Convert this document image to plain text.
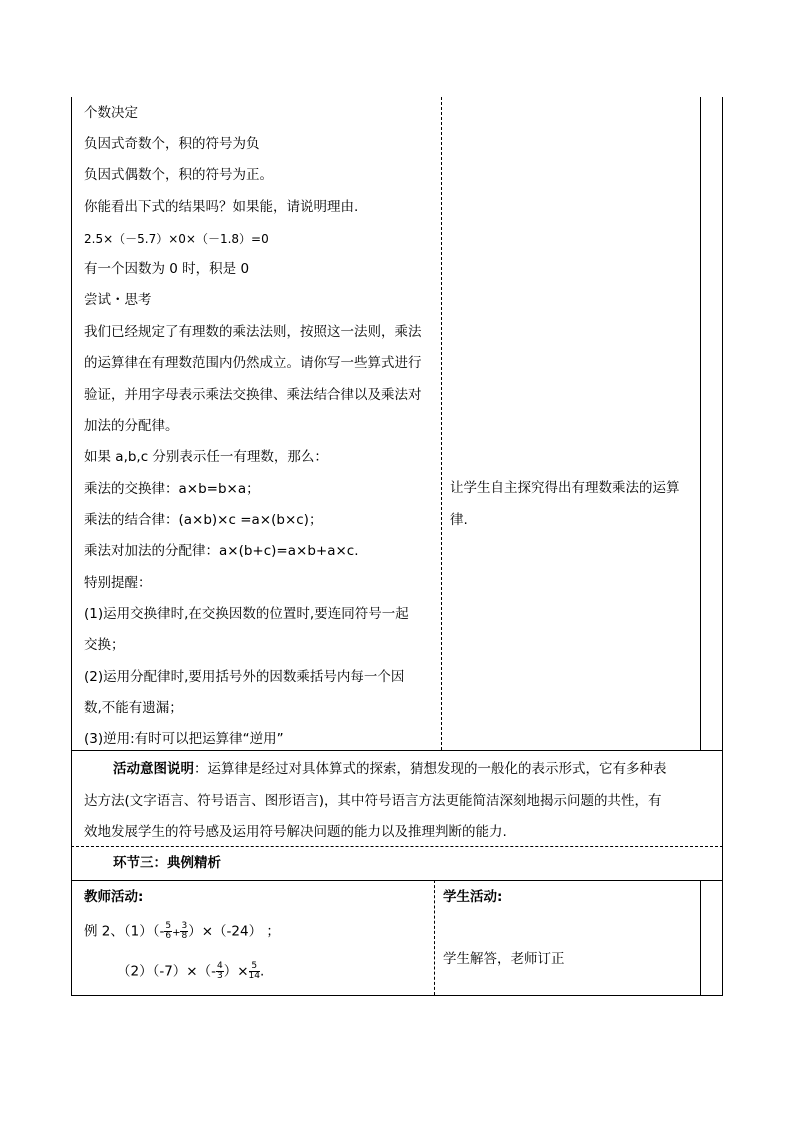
个数决定
负因式奇数个，积的符号为负
负因式偶数个，积的符号为正。
你能看出下式的结果吗？如果能，请说明理由.
2.5×（－5.7）×0×（－1.8）=0
有一个因数为 0 时，积是 0
尝试・思考
我们已经规定了有理数的乘法法则，按照这一法则，乘法
的运算律在有理数范围内仍然成立。请你写一些算式进行
验证，并用字母表示乘法交换律、乘法结合律以及乘法对
加法的分配律。
如果 a,b,c 分别表示任一有理数，那么：
乘法的交换律：a×b=b×a；
乘法的结合律：(a×b)×c =a×(b×c)；
乘法对加法的分配律：a×(b+c)=a×b+a×c.
特别提醒：
(1)运用交换律时,在交换因数的位置时,要连同符号一起
交换；
(2)运用分配律时,要用括号外的因数乘括号内每一个因
数,不能有遗漏；
(3)逆用:有时可以把运算律“逆用”
让学生自主探究得出有理数乘法的运算
律.
活动意图说明：运算律是经过对具体算式的探索，猜想发现的一般化的表示形式，它有多种表
达方法(文字语言、符号语言、图形语言)，其中符号语言方法更能简洁深刻地揭示问题的共性，有
效地发展学生的符号感及运用符号解决问题的能力以及推理判断的能力.
环节三：典例精析
教师活动:
例 2、$(1)(- \frac{5}{6} + \frac{3}{8} )\times(-24)$ ；
$(2)(-7)\times(- \frac{4}{3}$ ）× $\frac{5}{14}$ .
学生活动:
学生解答，老师订正
